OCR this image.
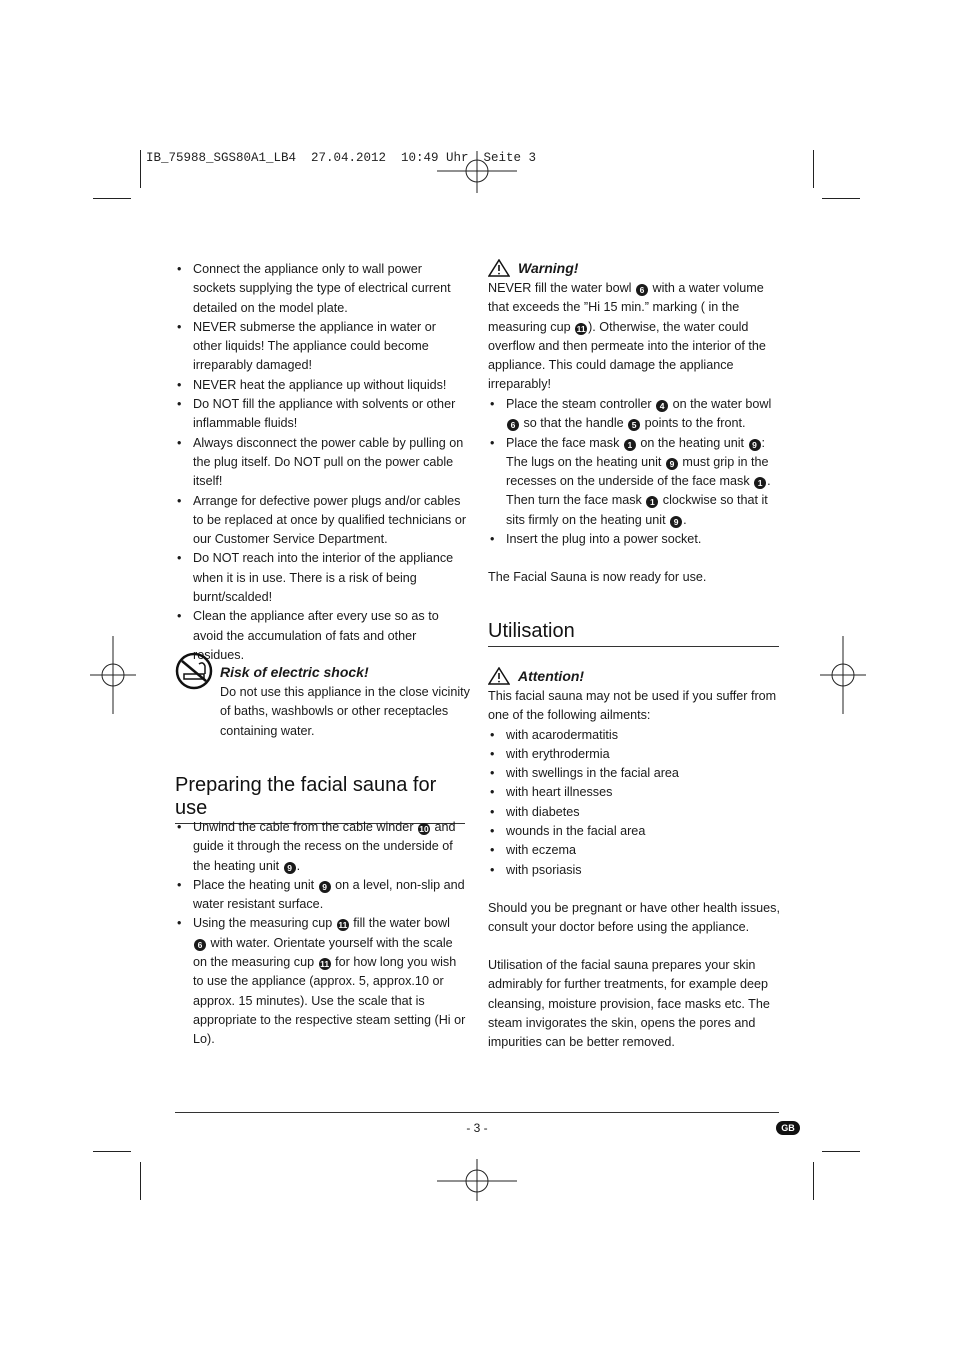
IB_75988_SGS80A1_LB4  27.04.2012  10:49 Uhr  Seite 3
• Connect the appliance only to wall power sockets supplying the type of electrical current detailed on the model plate.
• NEVER submerse the appliance in water or other liquids! The appliance could become irreparably damaged!
• NEVER heat the appliance up without liquids!
• Do NOT fill the appliance with solvents or other inflammable fluids!
• Always disconnect the power cable by pulling on the plug itself. Do NOT pull on the power cable itself!
• Arrange for defective power plugs and/or cables to be replaced at once by qualified technicians or our Customer Service Department.
• Do NOT reach into the interior of the appliance when it is in use. There is a risk of being burnt/scalded!
• Clean the appliance after every use so as to avoid the accumulation of fats and other residues.
Risk of electric shock!

Do not use this appliance in the close vicinity of baths, washbowls or other receptacles containing water.

Preparing the facial sauna for use
• Unwind the cable from the cable winder 10 and guide it through the recess on the underside of the heating unit 9 .
• Place the heating unit 9 on a level, non-slip and water resistant surface.
• Using the measuring cup 11 fill the water bowl 6 with water. Orientate yourself with the scale on the measuring cup 11 for how long you wish to use the appliance (approx. 5, approx.10 or approx. 15 minutes). Use the scale that is appropriate to the respective steam setting (Hi or Lo).
Warning!

NEVER fill the water bowl 6 with a water volume that exceeds the ”Hi 15 min.” marking ( in the measuring cup 11 ). Otherwise, the water could overflow and then permeate into the interior of the appliance. This could damage the appliance irreparably!

• Place the steam controller 4 on the water bowl 6 so that the handle 5 points to the front.
• Place the face mask 1 on the heating unit 9 : The lugs on the heating unit 9 must grip in the recesses on the underside of the face mask 1 . Then turn the face mask 1 clockwise so that it sits firmly on the heating unit 9 .
• Insert the plug into a power socket.
The Facial Sauna is now ready for use.
Utilisation
Attention!

This facial sauna may not be used if you suffer from one of the following ailments:

• with acarodermatitis
• with erythrodermia
• with swellings in the facial area
• with heart illnesses
• with diabetes
• wounds in the facial area
• with eczema
• with psoriasis
Should you be pregnant or have other health issues, consult your doctor before using the appliance.
Utilisation of the facial sauna prepares your skin admirably for further treatments, for example deep cleansing, moisture provision, face masks etc. The steam invigorates the skin, opens the pores and impurities can be better removed.
- 3 -	GB
